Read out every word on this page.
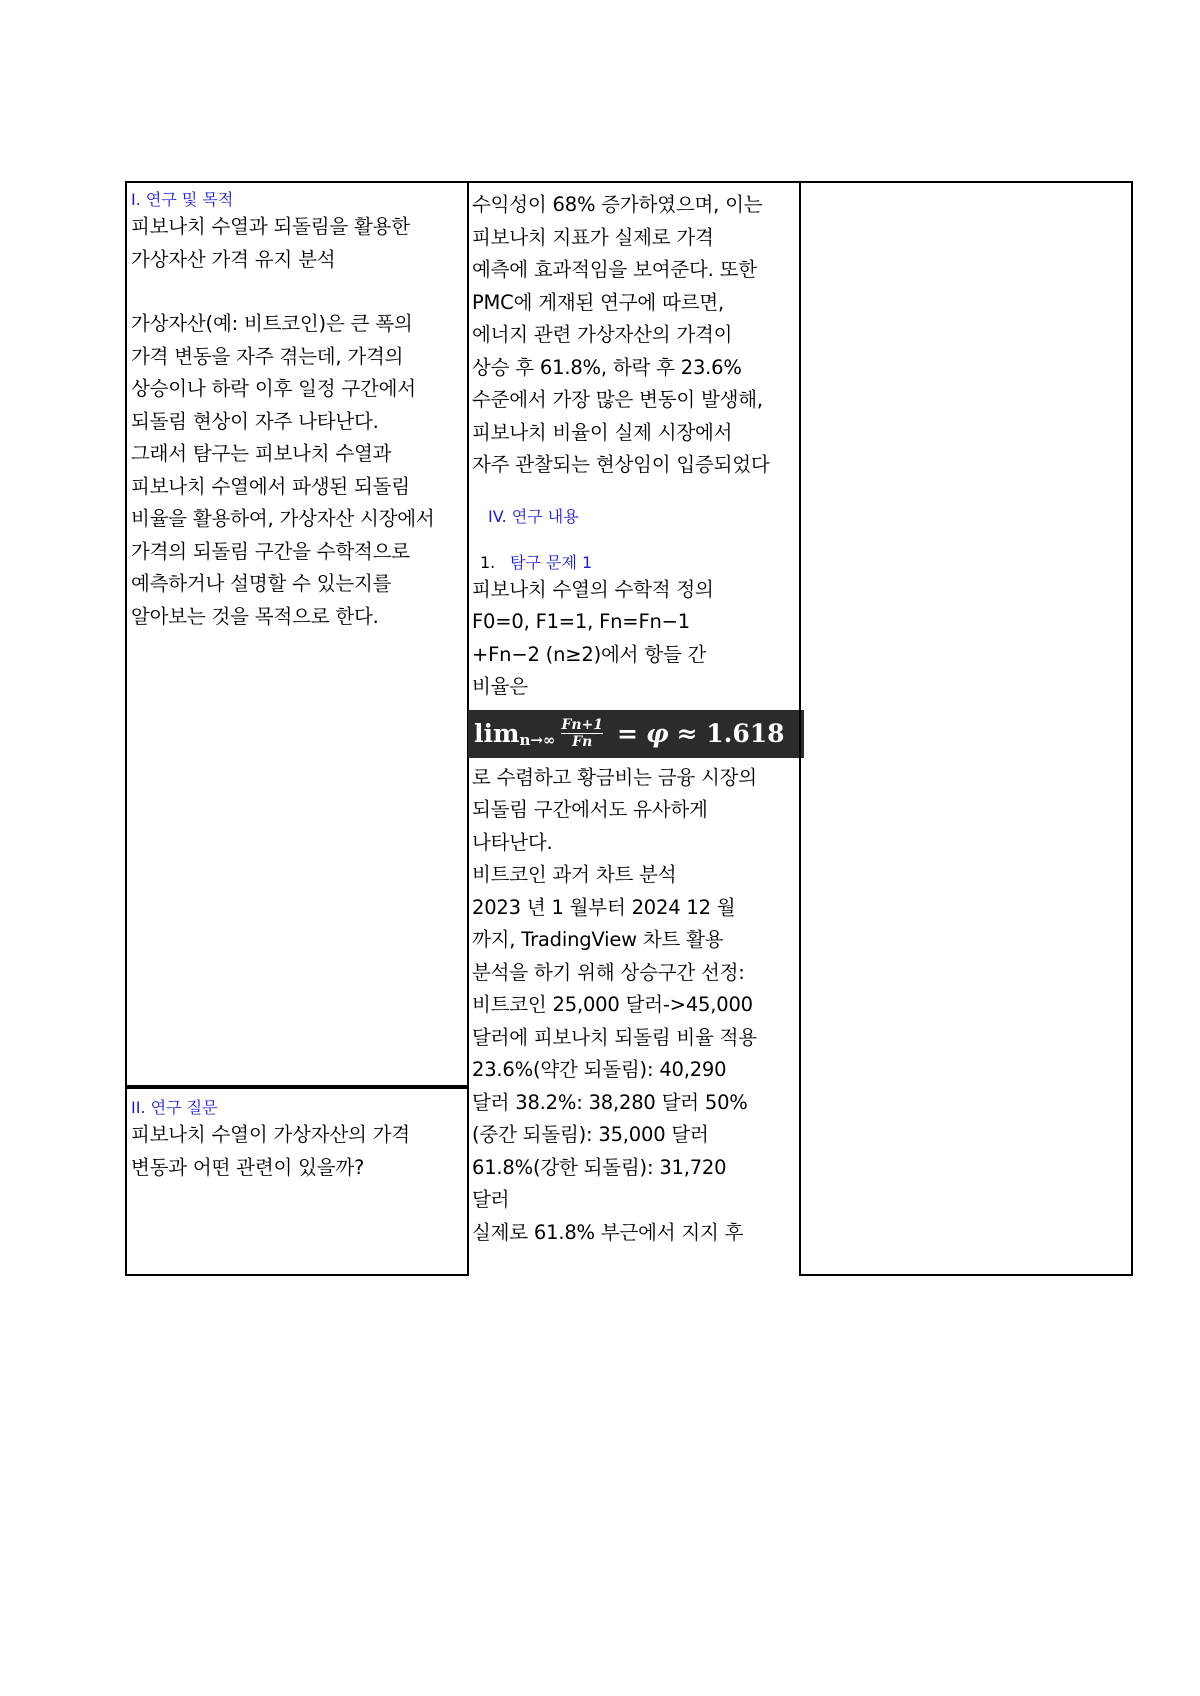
I. 연구 및 목적
피보나치 수열과 되돌림을 활용한
가상자산 가격 유지 분석
가상자산(예: 비트코인)은 큰 폭의
가격 변동을 자주 겪는데, 가격의
상승이나 하락 이후 일정 구간에서
되돌림 현상이 자주 나타난다.
그래서 탐구는 피보나치 수열과
피보나치 수열에서 파생된 되돌림
비율을 활용하여, 가상자산 시장에서
가격의 되돌림 구간을 수학적으로
예측하거나 설명할 수 있는지를
알아보는 것을 목적으로 한다.
II. 연구 질문
피보나치 수열이 가상자산의 가격
변동과 어떤 관련이 있을까?
수익성이 68% 증가하였으며, 이는
피보나치 지표가 실제로 가격
예측에 효과적임을 보여준다. 또한
PMC에 게재된 연구에 따르면,
에너지 관련 가상자산의 가격이
상승 후 61.8%, 하락 후 23.6%
수준에서 가장 많은 변동이 발생해,
피보나치 비율이 실제 시장에서
자주 관찰되는 현상임이 입증되었다
IV. 연구 내용
1. 탐구 문제 1
피보나치 수열의 수학적 정의
F0=0, F1=1, Fn=Fn−1
+Fn−2 (n≥2)에서 항들 간
비율은
$\lim n\to\infty \frac{Fn+1}{Fn} = \varphi \approx 1.618$
로 수렴하고 황금비는 금융 시장의
되돌림 구간에서도 유사하게
나타난다.
비트코인 과거 차트 분석
2023 년 1 월부터 2024 12 월
까지, TradingView 차트 활용
분석을 하기 위해 상승구간 선정:
비트코인 25,000 달러->45,000
달러에 피보나치 되돌림 비율 적용
23.6%(약간 되돌림): 40,290
달러 38.2%: 38,280 달러 50%
(중간 되돌림): 35,000 달러
61.8%(강한 되돌림): 31,720
달러
실제로 61.8% 부근에서 지지 후
